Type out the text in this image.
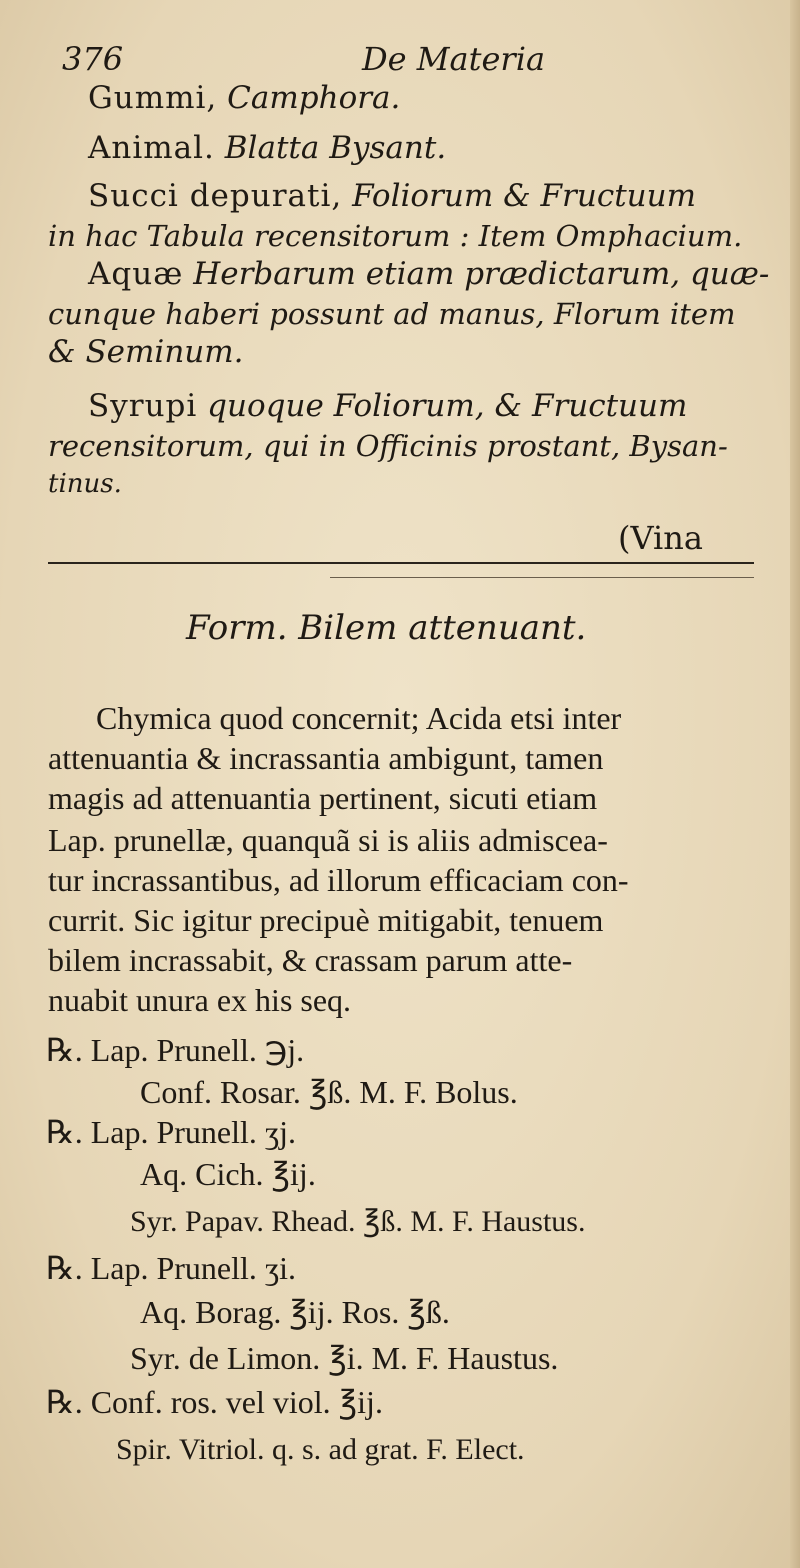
376	De Materia
Gummi, Camphora.
Animal. Blatta Bysant.
Succi depurati, Foliorum & Fructuum
in hac Tabula recensitorum : Item Omphacium.
Aquæ Herbarum etiam prædictarum, quæ-
cunque haberi possunt ad manus, Florum item
& Seminum.
Syrupi quoque Foliorum, & Fructuum
recensitorum, qui in Officinis prostant, Bysan-
tinus.
(Vina
Form. Bilem attenuant.
Chymica quod concernit; Acida etsi inter
attenuantia & incrassantia ambigunt, tamen
magis ad attenuantia pertinent, sicuti etiam
Lap. prunellæ, quanquã si is aliis admiscea-
tur incrassantibus, ad illorum efficaciam con-
currit. Sic igitur precipuè mitigabit, tenuem
bilem incrassabit, & crassam parum atte-
nuabit unura ex his seq.
℞. Lap. Prunell. ℈j.
Conf. Rosar. ℥ß. M. F. Bolus.
℞. Lap. Prunell. ʒj.
Aq. Cich. ℥ij.
Syr. Papav. Rhead. ℥ß. M. F. Haustus.
℞. Lap. Prunell. ʒi.
Aq. Borag. ℥ij. Ros. ℥ß.
Syr. de Limon. ℥i. M. F. Haustus.
℞. Conf. ros. vel viol. ℥ij.
Spir. Vitriol. q. s. ad grat. F. Elect.
